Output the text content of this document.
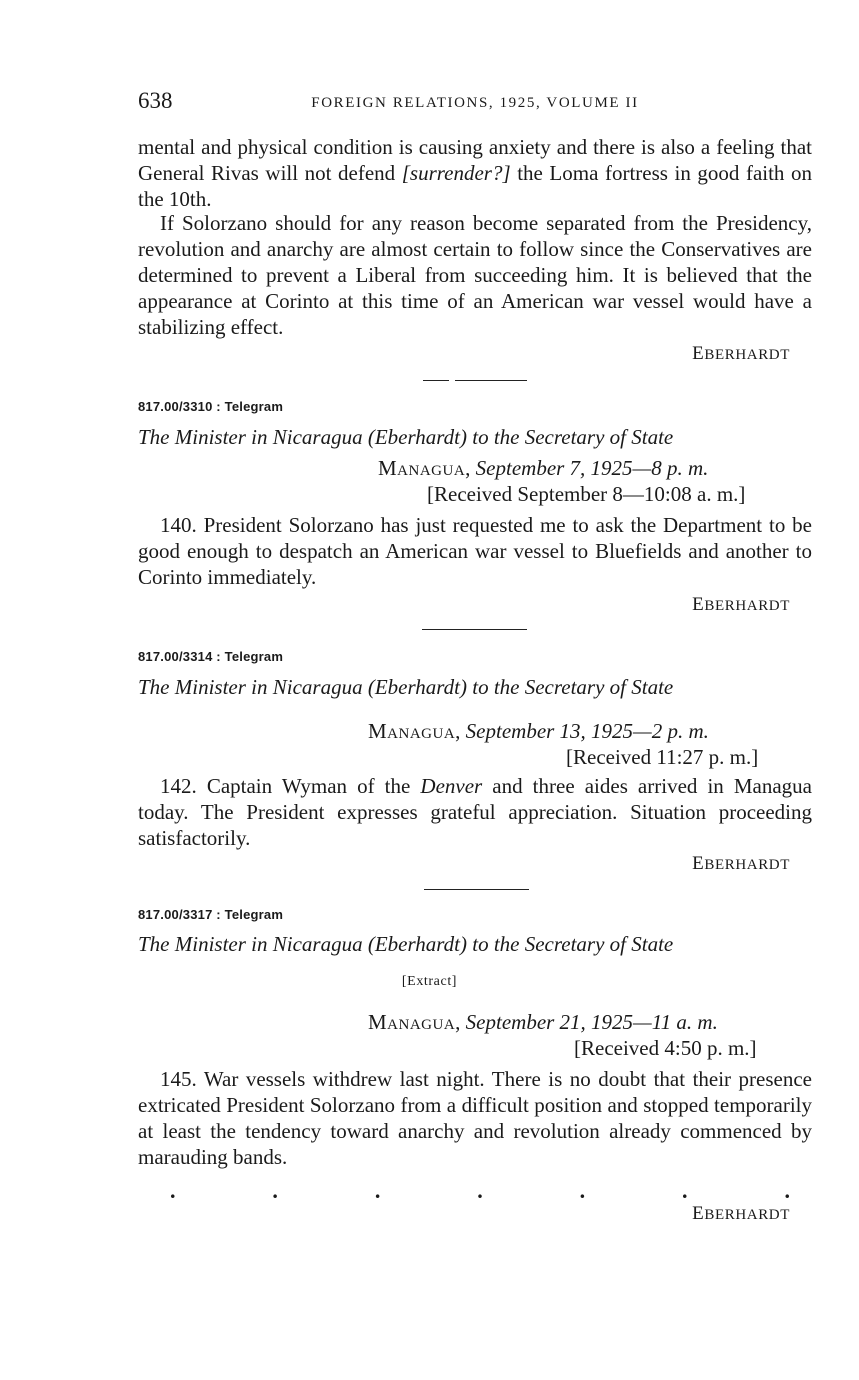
638	FOREIGN RELATIONS, 1925, VOLUME II

mental and physical condition is causing anxiety and there is also a feeling that General Rivas will not defend [surrender?] the Loma fortress in good faith on the 10th.

If Solorzano should for any reason become separated from the Presidency, revolution and anarchy are almost certain to follow since the Conservatives are determined to prevent a Liberal from succeeding him. It is believed that the appearance at Corinto at this time of an American war vessel would have a stabilizing effect.

EBERHARDT
817.00/3310 : Telegram
The Minister in Nicaragua (Eberhardt) to the Secretary of State
Managua, September 7, 1925—8 p. m.
[Received September 8—10:08 a. m.]

140. President Solorzano has just requested me to ask the Department to be good enough to despatch an American war vessel to Bluefields and another to Corinto immediately.

EBERHARDT
817.00/3314 : Telegram
The Minister in Nicaragua (Eberhardt) to the Secretary of State
Managua, September 13, 1925—2 p. m.
[Received 11:27 p. m.]

142. Captain Wyman of the Denver and three aides arrived in Managua today. The President expresses grateful appreciation. Situation proceeding satisfactorily.

EBERHARDT
817.00/3317 : Telegram
The Minister in Nicaragua (Eberhardt) to the Secretary of State
[Extract]
Managua, September 21, 1925—11 a. m.
[Received 4:50 p. m.]

145. War vessels withdrew last night. There is no doubt that their presence extricated President Solorzano from a difficult position and stopped temporarily at least the tendency toward anarchy and revolution already commenced by marauding bands.

.	.	.	.	.	.	.
EBERHARDT
